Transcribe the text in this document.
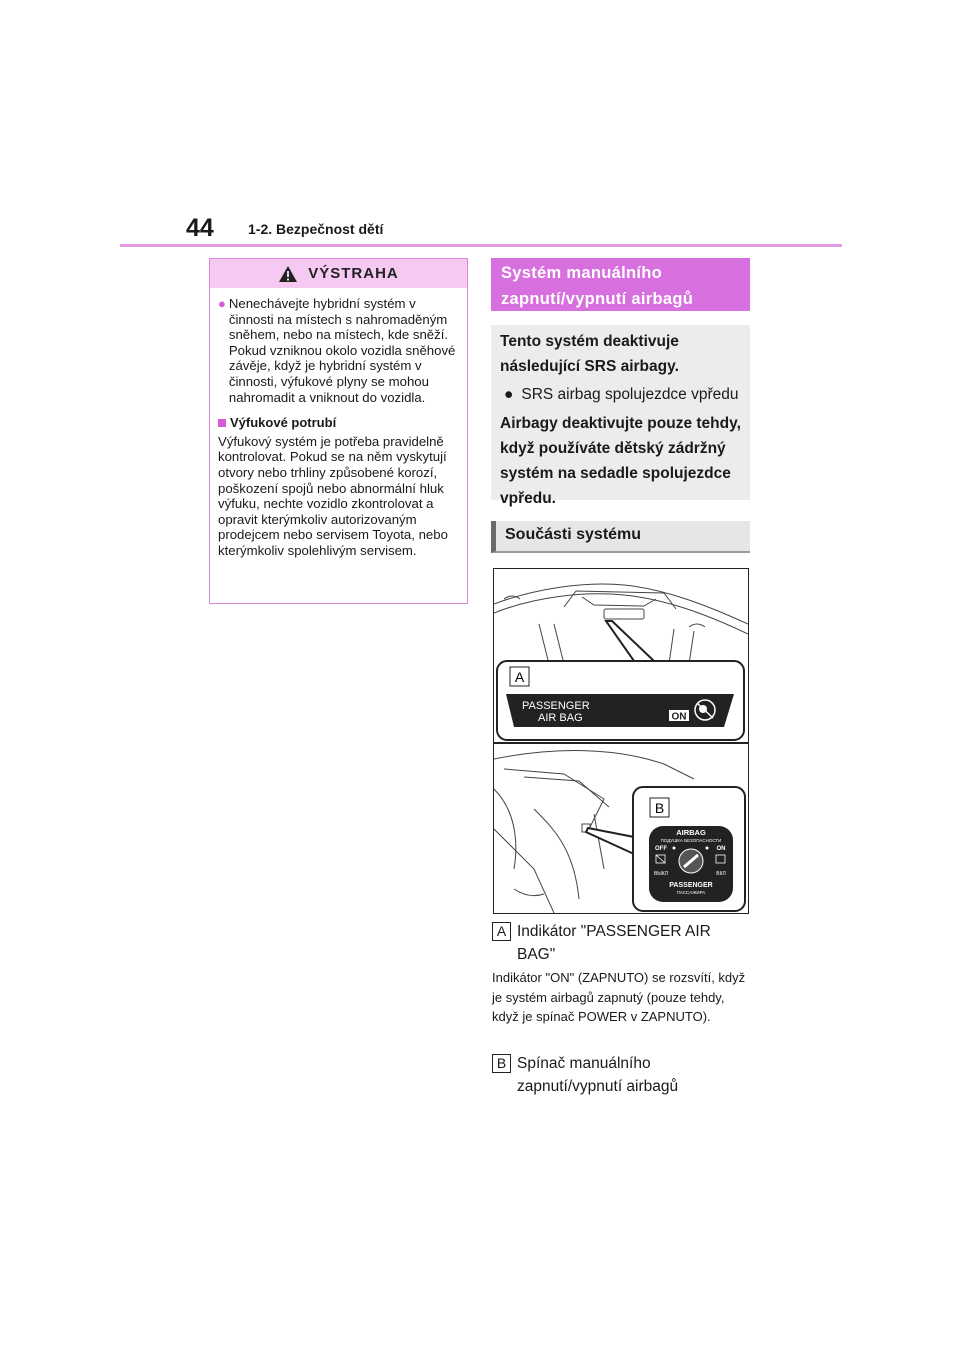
44 1-2. Bezpečnost dětí
VÝSTRAHA
● Nenechávejte hybridní systém v činnosti na místech s nahromaděným sněhem, nebo na místech, kde sněží. Pokud vzniknou okolo vozidla sněhové závěje, když je hybridní systém v činnosti, výfukové plyny se mohou nahromadit a vniknout do vozidla.
Výfukové potrubí
Výfukový systém je potřeba pravidelně kontrolovat. Pokud se na něm vyskytují otvory nebo trhliny způsobené korozí, poškození spojů nebo abnormální hluk výfuku, nechte vozidlo zkontrolovat a opravit kterýmkoliv autorizovaným prodejcem nebo servisem Toyota, nebo kterýmkoliv spolehlivým servisem.
Systém manuálního zapnutí/vypnutí airbagů
Tento systém deaktivuje následující SRS airbagy.
● SRS airbag spolujezdce vpředu
Airbagy deaktivujte pouze tehdy, když používáte dětský zádržný systém na sedadle spolujezdce vpředu.
Součásti systému
A
PASSENGER
AIR BAG	ON
B
AIRBAG
ПОДУШКА БЕЗОПАСНОСТИ
OFF	ON
ВЫКЛ	ВКЛ
PASSENGER
ПАССАЖИРА
A Indikátor "PASSENGER AIR BAG"
Indikátor "ON" (ZAPNUTO) se rozsvítí, když je systém airbagů zapnutý (pouze tehdy, když je spínač POWER v ZAPNUTO).
B Spínač manuálního zapnutí/vypnutí airbagů
